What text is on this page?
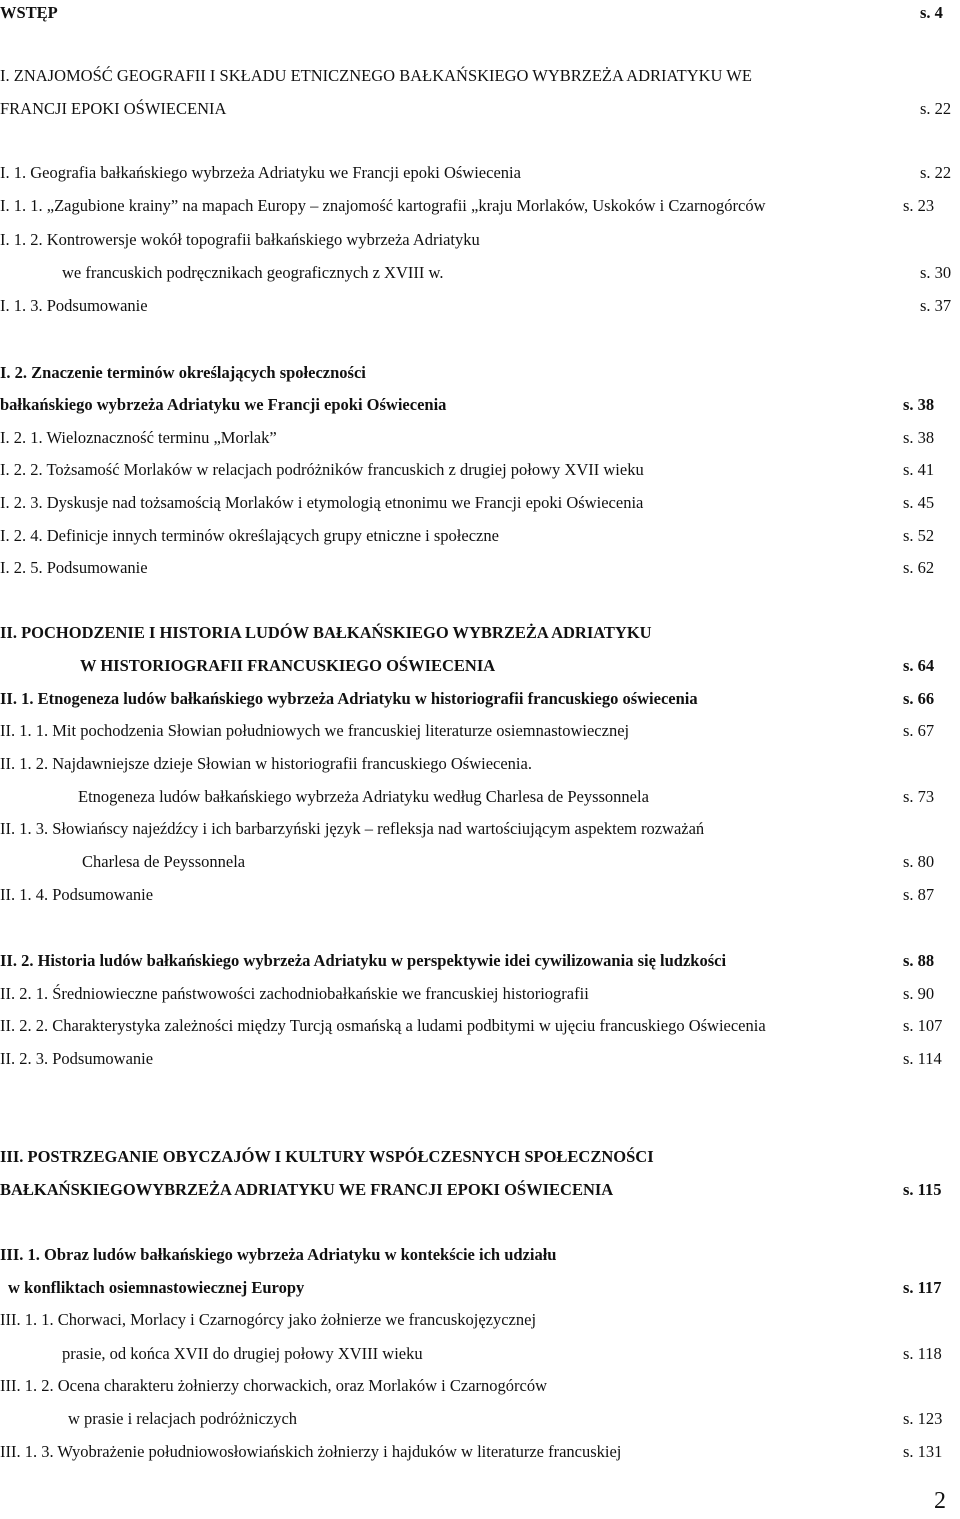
WSTĘP	s. 4
I. ZNAJOMOŚĆ GEOGRAFII I SKŁADU ETNICZNEGO BAŁKAŃSKIEGO WYBRZEŻA ADRIATYKU WE
FRANCJI EPOKI OŚWIECENIA	s. 22
I. 1. Geografia bałkańskiego wybrzeża Adriatyku we Francji epoki Oświecenia	s. 22
I. 1. 1. „Zagubione krainy” na mapach Europy – znajomość kartografii „kraju Morlaków, Uskoków i Czarnogórców	s. 23
I. 1. 2. Kontrowersje wokół topografii bałkańskiego wybrzeża Adriatyku
we francuskich podręcznikach geograficznych z XVIII w.	s. 30
I. 1. 3. Podsumowanie	s. 37
I. 2. Znaczenie terminów określających społeczności
bałkańskiego wybrzeża Adriatyku we Francji epoki Oświecenia	s. 38
I. 2. 1. Wieloznaczność terminu „Morlak”	s. 38
I. 2. 2. Tożsamość Morlaków w relacjach podróżników francuskich z drugiej połowy XVII wieku	s. 41
I. 2. 3. Dyskusje nad tożsamością Morlaków i etymologią etnonimu we Francji epoki Oświecenia	s. 45
I. 2. 4. Definicje innych terminów określających grupy etniczne i społeczne	s. 52
I. 2. 5. Podsumowanie	s. 62
II. POCHODZENIE I HISTORIA LUDÓW BAŁKAŃSKIEGO WYBRZEŻA ADRIATYKU
W HISTORIOGRAFII FRANCUSKIEGO OŚWIECENIA	s. 64
II. 1. Etnogeneza ludów bałkańskiego wybrzeża Adriatyku w historiografii francuskiego oświecenia	s. 66
II. 1. 1. Mit pochodzenia Słowian południowych we francuskiej literaturze osiemnastowiecznej	s. 67
II. 1. 2. Najdawniejsze dzieje Słowian w historiografii francuskiego Oświecenia.
Etnogeneza ludów bałkańskiego wybrzeża Adriatyku według Charlesa de Peyssonnela	s. 73
II. 1. 3. Słowiańscy najeźdźcy i ich barbarzyński język – refleksja nad wartościującym aspektem rozważań
Charlesa de Peyssonnela	s. 80
II. 1. 4. Podsumowanie	s. 87
II. 2. Historia ludów bałkańskiego wybrzeża Adriatyku w perspektywie idei cywilizowania się ludzkości	s. 88
II. 2. 1. Średniowieczne państwowości zachodniobałkańskie we francuskiej historiografii	s. 90
II. 2. 2. Charakterystyka zależności między Turcją osmańską a ludami podbitymi w ujęciu francuskiego Oświecenia	s. 107
II. 2. 3. Podsumowanie	s. 114
III. POSTRZEGANIE OBYCZAJÓW I KULTURY WSPÓŁCZESNYCH SPOŁECZNOŚCI
BAŁKAŃSKIEGOWYBRZEŻA ADRIATYKU WE FRANCJI EPOKI OŚWIECENIA	s. 115
III. 1. Obraz ludów bałkańskiego wybrzeża Adriatyku w kontekście ich udziału
w konfliktach osiemnastowiecznej Europy	s. 117
III. 1. 1. Chorwaci, Morlacy i Czarnogórcy jako żołnierze we francuskojęzycznej
prasie, od końca XVII do drugiej połowy XVIII wieku	s. 118
III. 1. 2. Ocena charakteru żołnierzy chorwackich, oraz Morlaków i Czarnogórców
w prasie i relacjach podróżniczych	s. 123
III. 1. 3. Wyobrażenie południowosłowiańskich żołnierzy i hajduków w literaturze francuskiej	s. 131
2
